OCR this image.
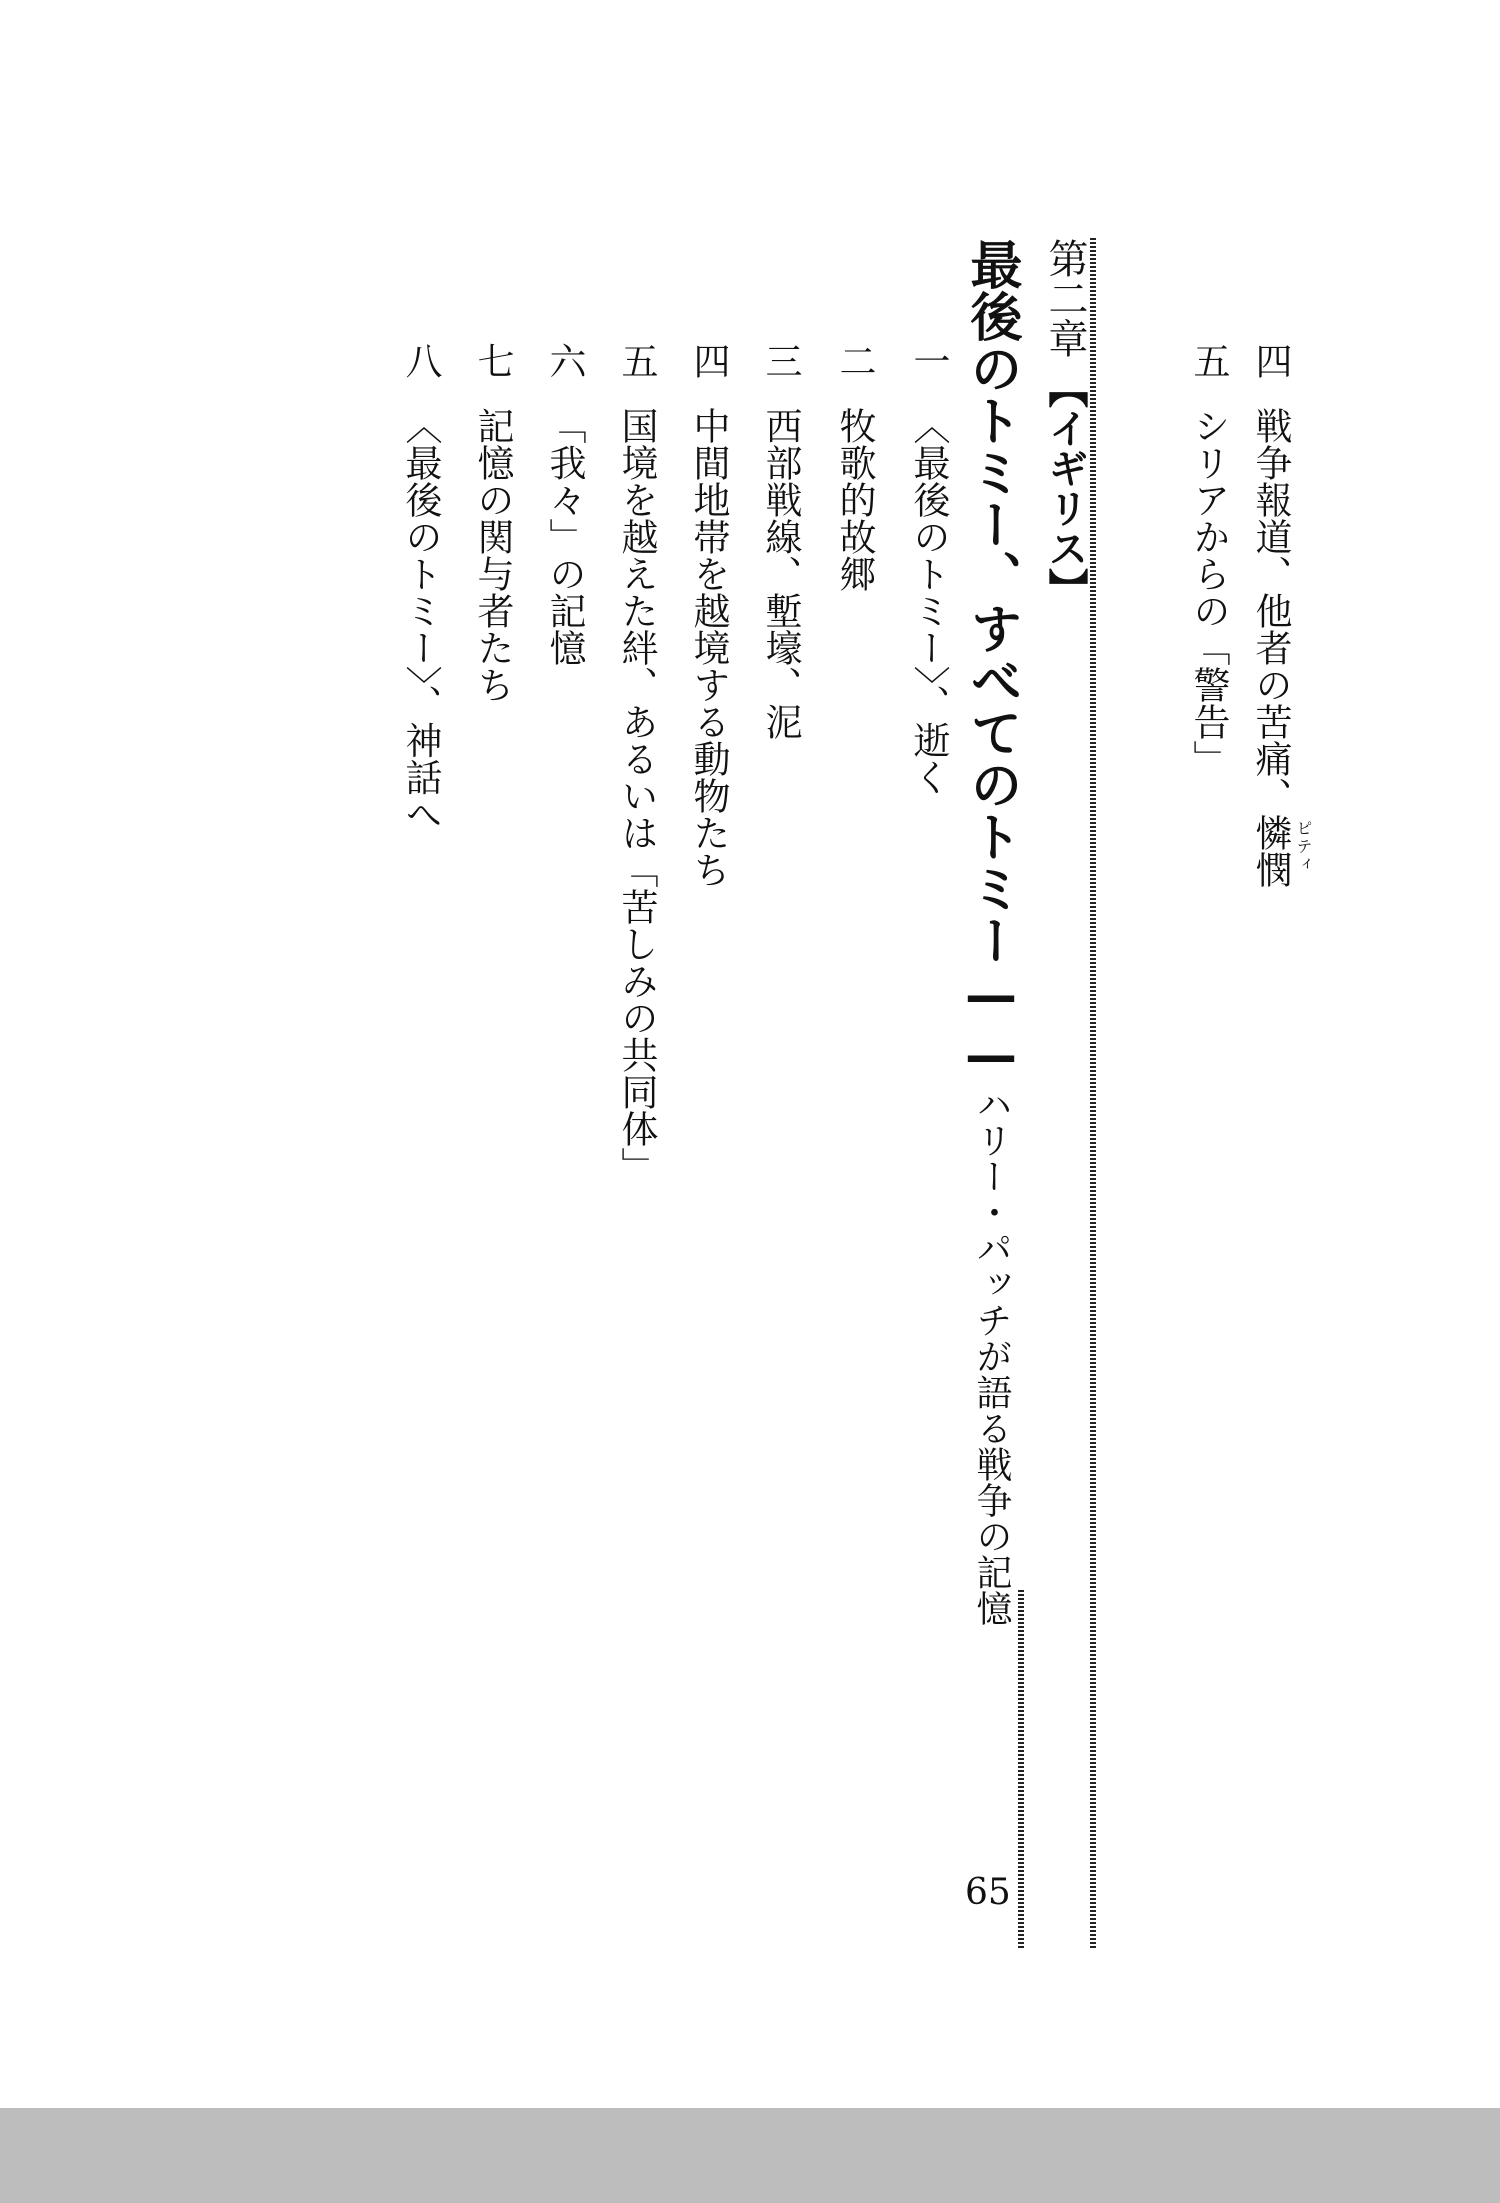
四戦争報道、他者の苦痛、憐憫 ピティ
五シリアからの「警告」
第二章【イギリス】
最後のトミー、すべてのトミー——ハリー・パッチが語る戦争の記憶
65
一〈最後のトミー〉、逝く
二牧歌的故郷
三西部戦線、塹壕、泥
四中間地帯を越境する動物たち
五国境を越えた絆、あるいは「苦しみの共同体」
六「我々」の記憶
七記憶の関与者たち
八〈最後のトミー〉、神話へ
